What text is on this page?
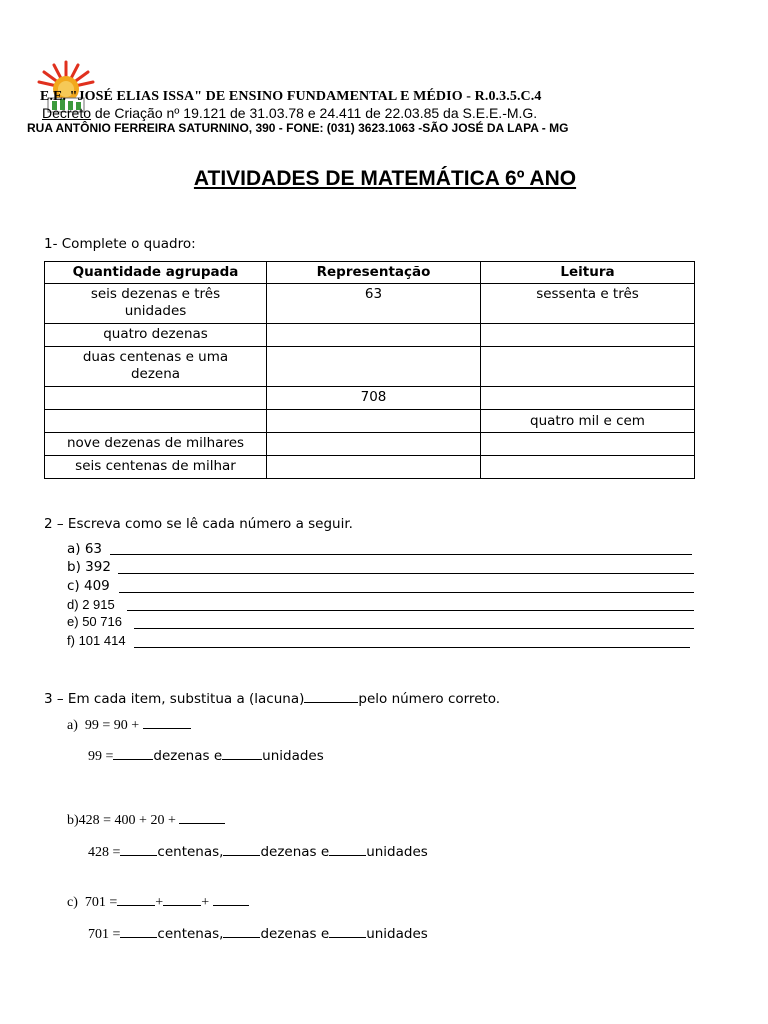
E.E. "JOSÉ ELIAS ISSA" DE ENSINO FUNDAMENTAL E MÉDIO - R.0.3.5.C.4
Decreto de Criação nº 19.121 de 31.03.78 e 24.411 de 22.03.85 da S.E.E.-M.G.
RUA ANTÔNIO FERREIRA SATURNINO, 390 - FONE: (031) 3623.1063 -SÃO JOSÉ DA LAPA - MG
ATIVIDADES DE MATEMÁTICA 6º ANO
1- Complete o quadro:
Quantidade agrupada	Representação	Leitura
seis dezenas e três unidades	63	sessenta e três
quatro dezenas		
duas centenas e uma dezena		
	708	
		quatro mil e cem
nove dezenas de milhares		
seis centenas de milhar		
2 – Escreva como se lê cada número a seguir.
a) 63
b) 392
c) 409
d) 2 915
e) 50 716
f) 101 414
3 – Em cada item, substitua a (lacuna)	pelo número correto.
a) 99 = 90 +
99 =	dezenas e	unidades
b)428 = 400 + 20 +
428 =	centenas,	dezenas e	unidades
c) 701 =	+	+
701 =	centenas,	dezenas e	unidades
